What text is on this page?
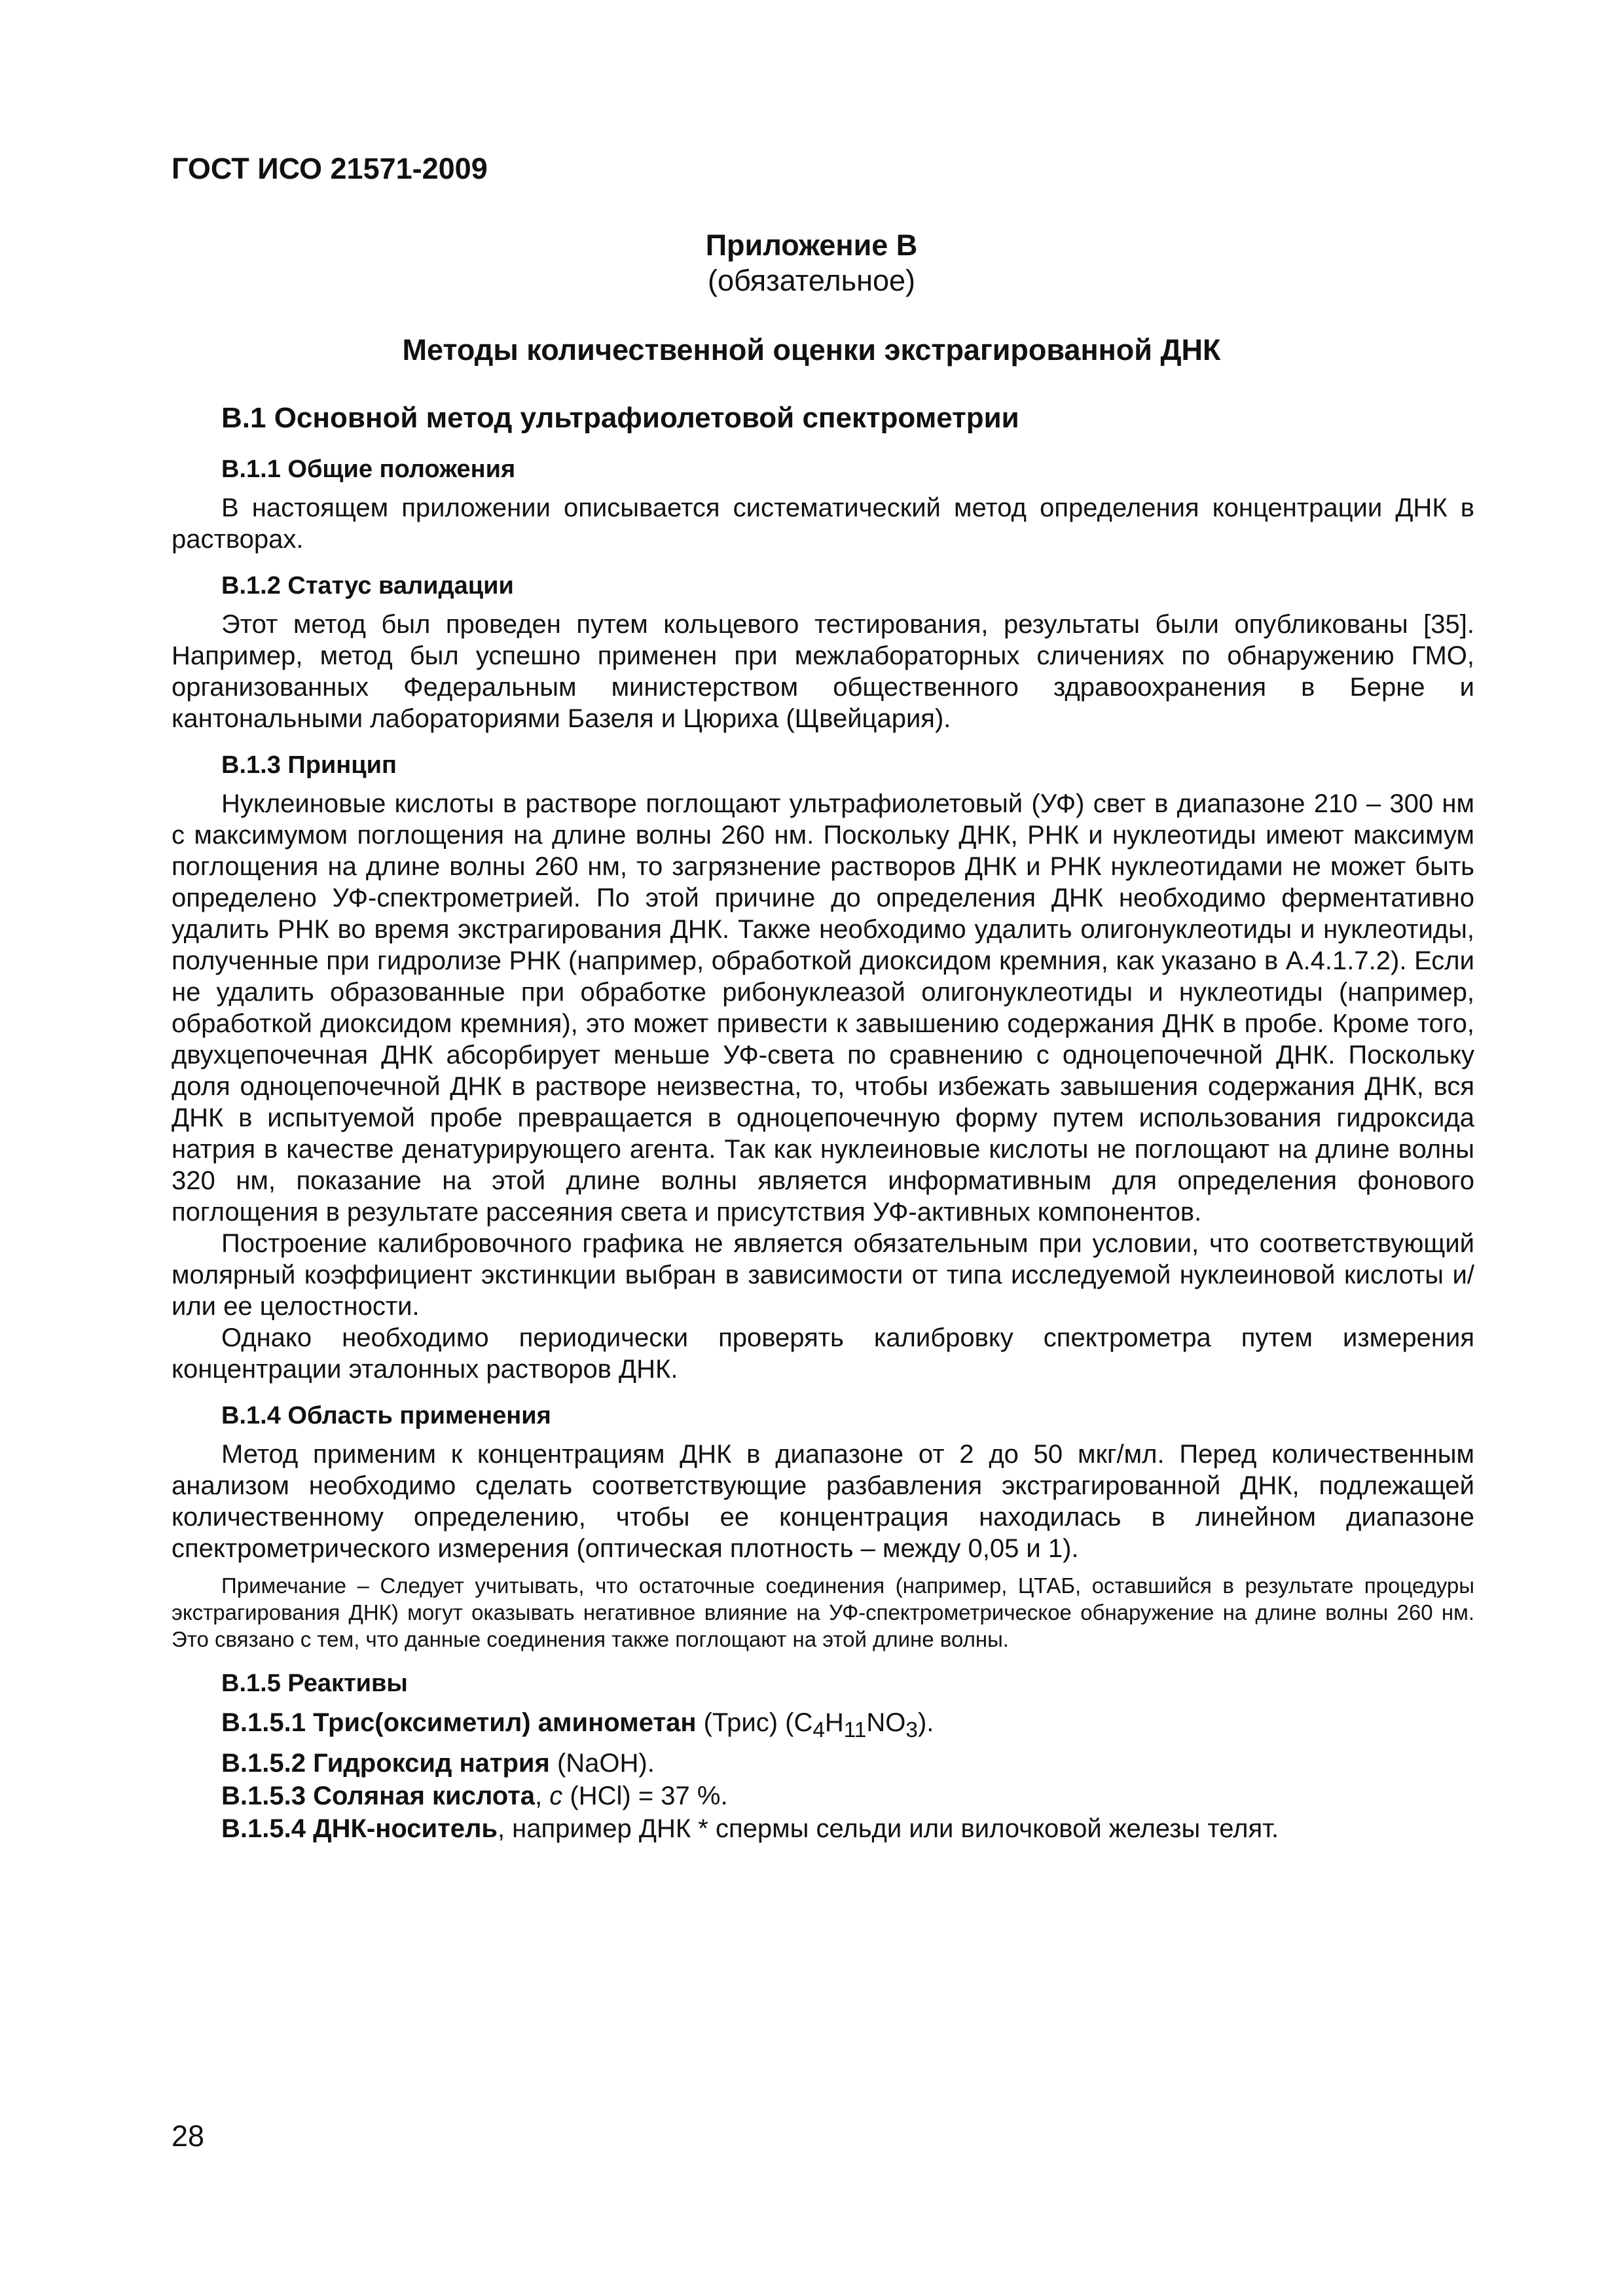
ГОСТ ИСО 21571-2009
Приложение В
(обязательное)
Методы количественной оценки экстрагированной ДНК
В.1 Основной метод ультрафиолетовой спектрометрии
В.1.1 Общие положения

В настоящем приложении описывается систематический метод определения концентрации ДНК в растворах.

В.1.2 Статус валидации

Этот метод был проведен путем кольцевого тестирования, результаты были опубликованы [35]. Например, метод был успешно применен при межлабораторных сличениях по обнаружению ГМО, организованных Федеральным министерством общественного здравоохранения в Берне и кантональными лабораториями Базеля и Цюриха (Щвейцария).

В.1.3 Принцип

Нуклеиновые кислоты в растворе поглощают ультрафиолетовый (УФ) свет в диапазоне 210 – 300 нм с максимумом поглощения на длине волны 260 нм. Поскольку ДНК, РНК и нуклеотиды имеют максимум поглощения на длине волны 260 нм, то загрязнение растворов ДНК и РНК нуклеотидами не может быть определено УФ-спектрометрией. По этой причине до определения ДНК необходимо ферментативно удалить РНК во время экстрагирования ДНК. Также необходимо удалить олигонуклеотиды и нуклеотиды, полученные при гидролизе РНК (например, обработкой диоксидом кремния, как указано в А.4.1.7.2). Если не удалить образованные при обработке рибонуклеазой олигонуклеотиды и нуклеотиды (например, обработкой диоксидом кремния), это может привести к завышению содержания ДНК в пробе. Кроме того, двухцепочечная ДНК абсорбирует меньше УФ-света по сравнению с одноцепочечной ДНК. Поскольку доля одноцепочечной ДНК в растворе неизвестна, то, чтобы избежать завышения содержания ДНК, вся ДНК в испытуемой пробе превращается в одноцепочечную форму путем использования гидроксида натрия в качестве денатурирующего агента. Так как нуклеиновые кислоты не поглощают на длине волны 320 нм, показание на этой длине волны является информативным для определения фонового поглощения в результате рассеяния света и присутствия УФ-активных компонентов.

Построение калибровочного графика не является обязательным при условии, что соответствующий молярный коэффициент экстинкции выбран в зависимости от типа исследуемой нуклеиновой кислоты и/или ее целостности.

Однако необходимо периодически проверять калибровку спектрометра путем измерения концентрации эталонных растворов ДНК.

В.1.4 Область применения

Метод применим к концентрациям ДНК в диапазоне от 2 до 50 мкг/мл. Перед количественным анализом необходимо сделать соответствующие разбавления экстрагированной ДНК, подлежащей количественному определению, чтобы ее концентрация находилась в линейном диапазоне спектрометрического измерения (оптическая плотность – между 0,05 и 1).

Примечание – Следует учитывать, что остаточные соединения (например, ЦТАБ, оставшийся в результате процедуры экстрагирования ДНК) могут оказывать негативное влияние на УФ-спектрометрическое обнаружение на длине волны 260 нм. Это связано с тем, что данные соединения также поглощают на этой длине волны.

В.1.5 Реактивы

В.1.5.1 Трис(оксиметил) аминометан (Трис) $(C_4H_{11}NO_3)$.

В.1.5.2 Гидроксид натрия (NaOH).

В.1.5.3 Соляная кислота, c (HCl) = 37 %.

В.1.5.4 ДНК-носитель, например ДНК * спермы сельди или вилочковой железы телят.

28
